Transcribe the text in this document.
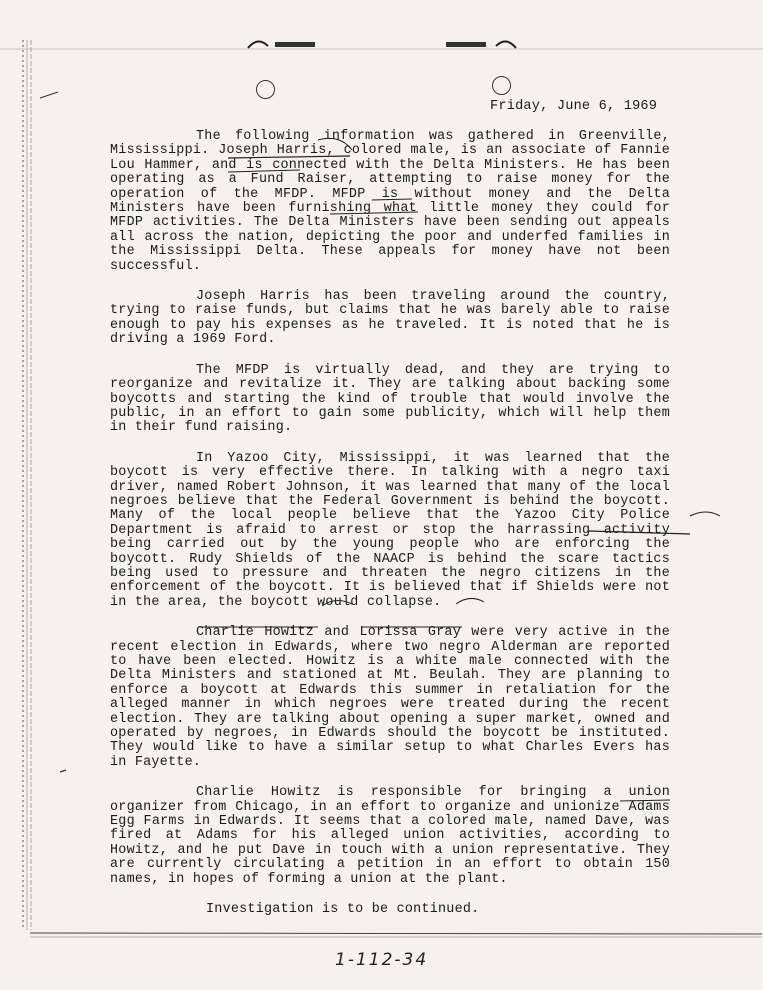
Friday, June 6, 1969

The following information was gathered in Greenville, Mississippi. Joseph Harris, colored male, is an associate of Fannie Lou Hammer, and is connected with the Delta Ministers. He has been operating as a Fund Raiser, attempting to raise money for the operation of the MFDP. MFDP is without money and the Delta Ministers have been furnishing what little money they could for MFDP activities. The Delta Ministers have been sending out appeals all across the nation, depicting the poor and underfed families in the Mississippi Delta. These appeals for money have not been successful.

Joseph Harris has been traveling around the country, trying to raise funds, but claims that he was barely able to raise enough to pay his expenses as he traveled. It is noted that he is driving a 1969 Ford.

The MFDP is virtually dead, and they are trying to reorganize and revitalize it. They are talking about backing some boycotts and starting the kind of trouble that would involve the public, in an effort to gain some publicity, which will help them in their fund raising.

In Yazoo City, Mississippi, it was learned that the boycott is very effective there. In talking with a negro taxi driver, named Robert Johnson, it was learned that many of the local negroes believe that the Federal Government is behind the boycott. Many of the local people believe that the Yazoo City Police Department is afraid to arrest or stop the harrassing activity being carried out by the young people who are enforcing the boycott. Rudy Shields of the NAACP is behind the scare tactics being used to pressure and threaten the negro citizens in the enforcement of the boycott. It is believed that if Shields were not in the area, the boycott would collapse.

Charlie Howitz and Lorissa Gray were very active in the recent election in Edwards, where two negro Alderman are reported to have been elected. Howitz is a white male connected with the Delta Ministers and stationed at Mt. Beulah. They are planning to enforce a boycott at Edwards this summer in retaliation for the alleged manner in which negroes were treated during the recent election. They are talking about opening a super market, owned and operated by negroes, in Edwards should the boycott be instituted. They would like to have a similar setup to what Charles Evers has in Fayette.

Charlie Howitz is responsible for bringing a union organizer from Chicago, in an effort to organize and unionize Adams Egg Farms in Edwards. It seems that a colored male, named Dave, was fired at Adams for his alleged union activities, according to Howitz, and he put Dave in touch with a union representative. They are currently circulating a petition in an effort to obtain 150 names, in hopes of forming a union at the plant.

Investigation is to be continued.

1-112-34
